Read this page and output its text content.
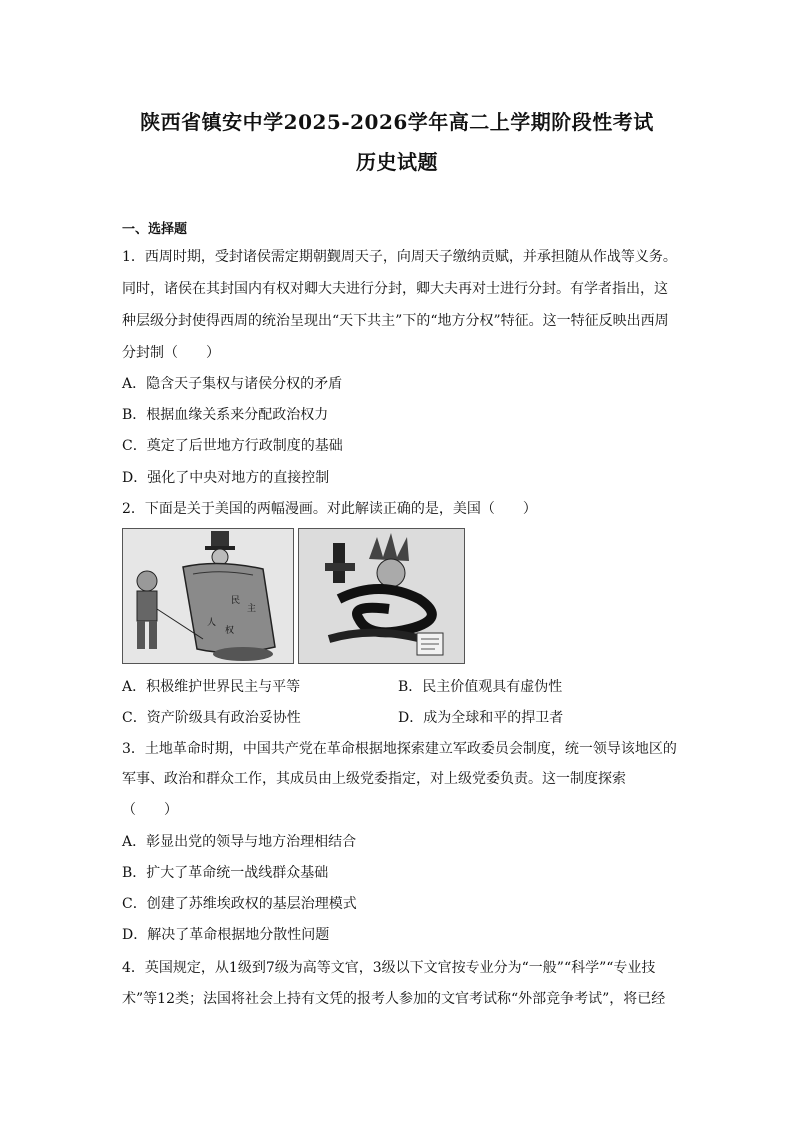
陕西省镇安中学2025-2026学年高二上学期阶段性考试
历史试题
一、选择题
1．西周时期，受封诸侯需定期朝觐周天子，向周天子缴纳贡赋，并承担随从作战等义务。
同时，诸侯在其封国内有权对卿大夫进行分封，卿大夫再对士进行分封。有学者指出，这
种层级分封使得西周的统治呈现出“天下共主”下的“地方分权”特征。这一特征反映出西周
分封制（　　）
A．隐含天子集权与诸侯分权的矛盾
B．根据血缘关系来分配政治权力
C．奠定了后世地方行政制度的基础
D．强化了中央对地方的直接控制
2．下面是关于美国的两幅漫画。对此解读正确的是，美国（　　）
民
主
人
权
A．积极维护世界民主与平等	B．民主价值观具有虚伪性
C．资产阶级具有政治妥协性	D．成为全球和平的捍卫者
3．土地革命时期，中国共产党在革命根据地探索建立军政委员会制度，统一领导该地区的
军事、政治和群众工作，其成员由上级党委指定，对上级党委负责。这一制度探索
（　　）
A．彰显出党的领导与地方治理相结合
B．扩大了革命统一战线群众基础
C．创建了苏维埃政权的基层治理模式
D．解决了革命根据地分散性问题
4．英国规定，从1级到7级为高等文官，3级以下文官按专业分为“一般”“科学”“专业技
术”等12类；法国将社会上持有文凭的报考人参加的文官考试称“外部竞争考试”，将已经
